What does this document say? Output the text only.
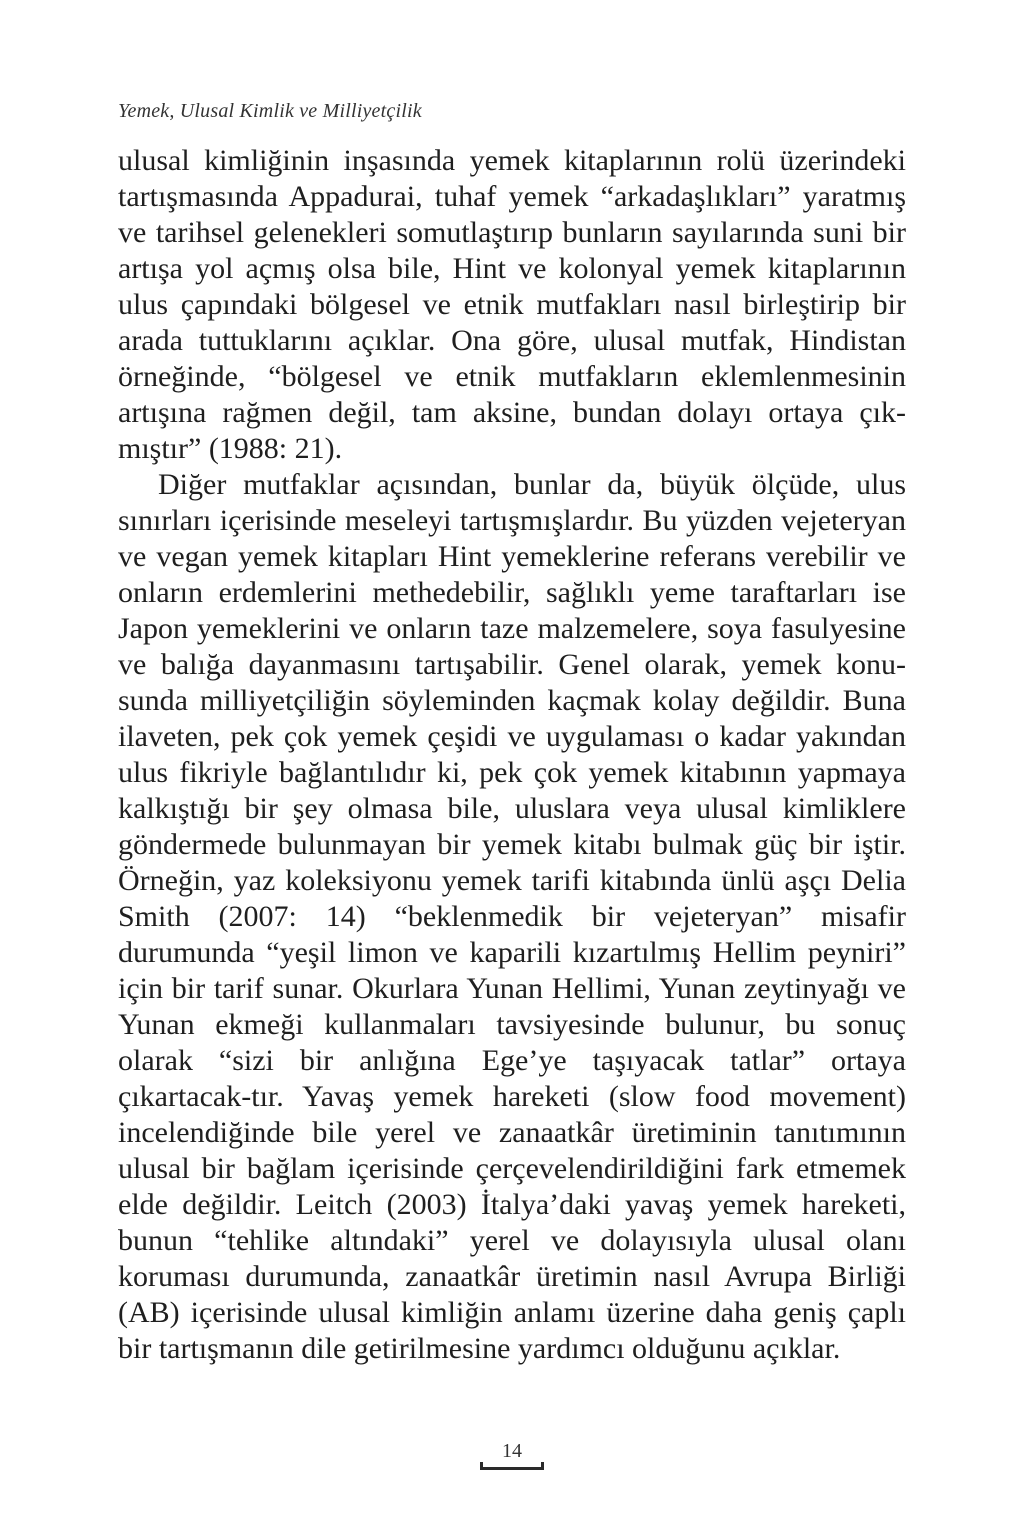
Yemek, Ulusal Kimlik ve Milliyetçilik

ulusal kimliğinin inşasında yemek kitaplarının rolü üzerindeki tartışmasında Appadurai, tuhaf yemek “arkadaşlıkları” yaratmış ve tarihsel gelenekleri somutlaştırıp bunların sayılarında suni bir artışa yol açmış olsa bile, Hint ve kolonyal yemek kitaplarının ulus çapındaki bölgesel ve etnik mutfakları nasıl birleştirip bir arada tuttuklarını açıklar. Ona göre, ulusal mutfak, Hindistan örneğinde, “bölgesel ve etnik mutfakların eklemlenmesinin artışına rağmen değil, tam aksine, bundan dolayı ortaya çık-mıştır” (1988: 21).

Diğer mutfaklar açısından, bunlar da, büyük ölçüde, ulus sınırları içerisinde meseleyi tartışmışlardır. Bu yüzden vejeteryan ve vegan yemek kitapları Hint yemeklerine referans verebilir ve onların erdemlerini methedebilir, sağlıklı yeme taraftarları ise Japon yemeklerini ve onların taze malzemelere, soya fasulyesine ve balığa dayanmasını tartışabilir. Genel olarak, yemek konu-sunda milliyetçiliğin söyleminden kaçmak kolay değildir. Buna ilaveten, pek çok yemek çeşidi ve uygulaması o kadar yakından ulus fikriyle bağlantılıdır ki, pek çok yemek kitabının yapmaya kalkıştığı bir şey olmasa bile, uluslara veya ulusal kimliklere göndermede bulunmayan bir yemek kitabı bulmak güç bir iştir. Örneğin, yaz koleksiyonu yemek tarifi kitabında ünlü aşçı Delia Smith (2007: 14) “beklenmedik bir vejeteryan” misafir durumunda “yeşil limon ve kaparili kızartılmış Hellim peyniri” için bir tarif sunar. Okurlara Yunan Hellimi, Yunan zeytinyağı ve Yunan ekmeği kullanmaları tavsiyesinde bulunur, bu sonuç olarak “sizi bir anlığına Ege’ye taşıyacak tatlar” ortaya çıkartacak-tır. Yavaş yemek hareketi (slow food movement) incelendiğinde bile yerel ve zanaatkâr üretiminin tanıtımının ulusal bir bağlam içerisinde çerçevelendirildiğini fark etmemek elde değildir. Leitch (2003) İtalya’daki yavaş yemek hareketi, bunun “tehlike altındaki” yerel ve dolayısıyla ulusal olanı koruması durumunda, zanaatkâr üretimin nasıl Avrupa Birliği (AB) içerisinde ulusal kimliğin anlamı üzerine daha geniş çaplı bir tartışmanın dile getirilmesine yardımcı olduğunu açıklar.

14
